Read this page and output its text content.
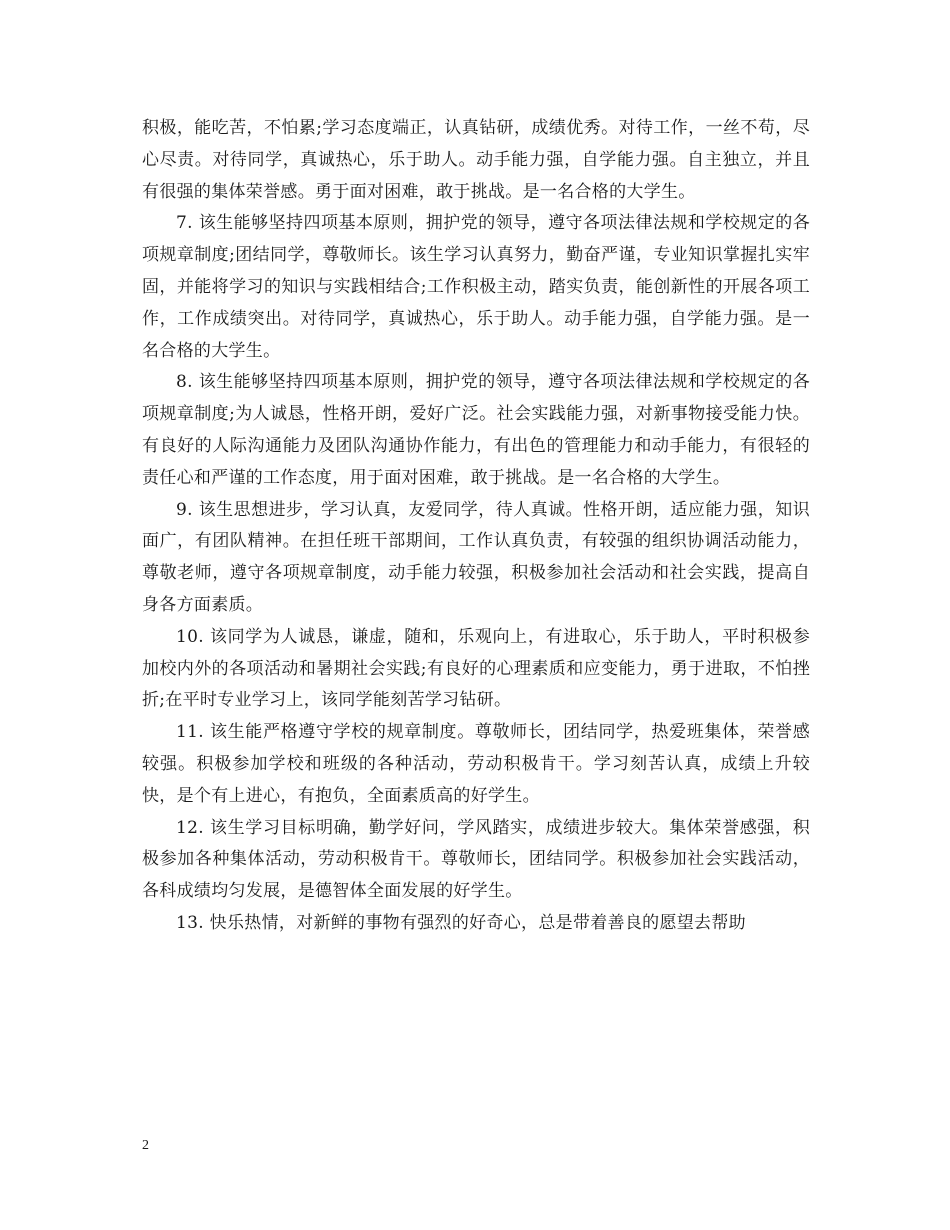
积极，能吃苦，不怕累;学习态度端正，认真钻研，成绩优秀。对待工作，一丝不苟，尽心尽责。对待同学，真诚热心，乐于助人。动手能力强，自学能力强。自主独立，并且有很强的集体荣誉感。勇于面对困难，敢于挑战。是一名合格的大学生。

7. 该生能够坚持四项基本原则，拥护党的领导，遵守各项法律法规和学校规定的各项规章制度;团结同学，尊敬师长。该生学习认真努力，勤奋严谨，专业知识掌握扎实牢固，并能将学习的知识与实践相结合;工作积极主动，踏实负责，能创新性的开展各项工作，工作成绩突出。对待同学，真诚热心，乐于助人。动手能力强，自学能力强。是一名合格的大学生。

8. 该生能够坚持四项基本原则，拥护党的领导，遵守各项法律法规和学校规定的各项规章制度;为人诚恳，性格开朗，爱好广泛。社会实践能力强，对新事物接受能力快。有良好的人际沟通能力及团队沟通协作能力，有出色的管理能力和动手能力，有很轻的责任心和严谨的工作态度，用于面对困难，敢于挑战。是一名合格的大学生。

9. 该生思想进步，学习认真，友爱同学，待人真诚。性格开朗，适应能力强，知识面广，有团队精神。在担任班干部期间，工作认真负责，有较强的组织协调活动能力，尊敬老师，遵守各项规章制度，动手能力较强，积极参加社会活动和社会实践，提高自身各方面素质。

10. 该同学为人诚恳，谦虚，随和，乐观向上，有进取心，乐于助人，平时积极参加校内外的各项活动和暑期社会实践;有良好的心理素质和应变能力，勇于进取，不怕挫折;在平时专业学习上，该同学能刻苦学习钻研。

11. 该生能严格遵守学校的规章制度。尊敬师长，团结同学，热爱班集体，荣誉感较强。积极参加学校和班级的各种活动，劳动积极肯干。学习刻苦认真，成绩上升较快，是个有上进心，有抱负，全面素质高的好学生。

12. 该生学习目标明确，勤学好问，学风踏实，成绩进步较大。集体荣誉感强，积极参加各种集体活动，劳动积极肯干。尊敬师长，团结同学。积极参加社会实践活动，各科成绩均匀发展，是德智体全面发展的好学生。

13. 快乐热情，对新鲜的事物有强烈的好奇心，总是带着善良的愿望去帮助

2
